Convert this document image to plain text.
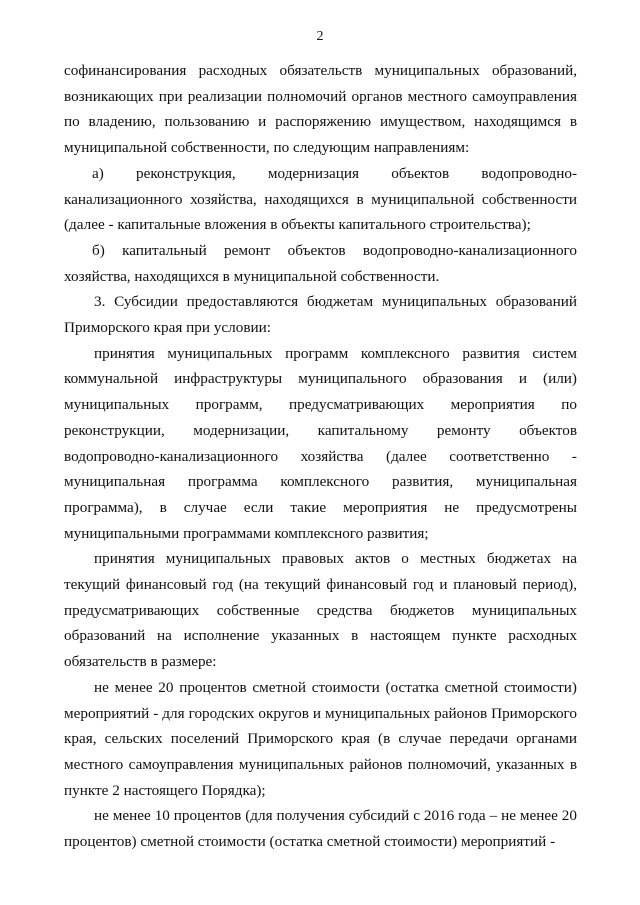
2

софинансирования расходных обязательств муниципальных образований, возникающих при реализации полномочий органов местного самоуправления по владению, пользованию и распоряжению имуществом, находящимся в муниципальной собственности, по следующим направлениям:

а) реконструкция, модернизация объектов водопроводно-канализационного хозяйства, находящихся в муниципальной собственности (далее - капитальные вложения в объекты капитального строительства);

б) капитальный ремонт объектов водопроводно-канализационного хозяйства, находящихся в муниципальной собственности.

3. Субсидии предоставляются бюджетам муниципальных образований Приморского края при условии:

принятия муниципальных программ комплексного развития систем коммунальной инфраструктуры муниципального образования и (или) муниципальных программ, предусматривающих мероприятия по реконструкции, модернизации, капитальному ремонту объектов водопроводно-канализационного хозяйства (далее соответственно - муниципальная программа комплексного развития, муниципальная программа), в случае если такие мероприятия не предусмотрены муниципальными программами комплексного развития;

принятия муниципальных правовых актов о местных бюджетах на текущий финансовый год (на текущий финансовый год и плановый период), предусматривающих собственные средства бюджетов муниципальных образований на исполнение указанных в настоящем пункте расходных обязательств в размере:

не менее 20 процентов сметной стоимости (остатка сметной стоимости) мероприятий - для городских округов и муниципальных районов Приморского края, сельских поселений Приморского края (в случае передачи органами местного самоуправления муниципальных районов полномочий, указанных в пункте 2 настоящего Порядка);

не менее 10 процентов (для получения субсидий с 2016 года – не менее 20 процентов) сметной стоимости (остатка сметной стоимости) мероприятий -
